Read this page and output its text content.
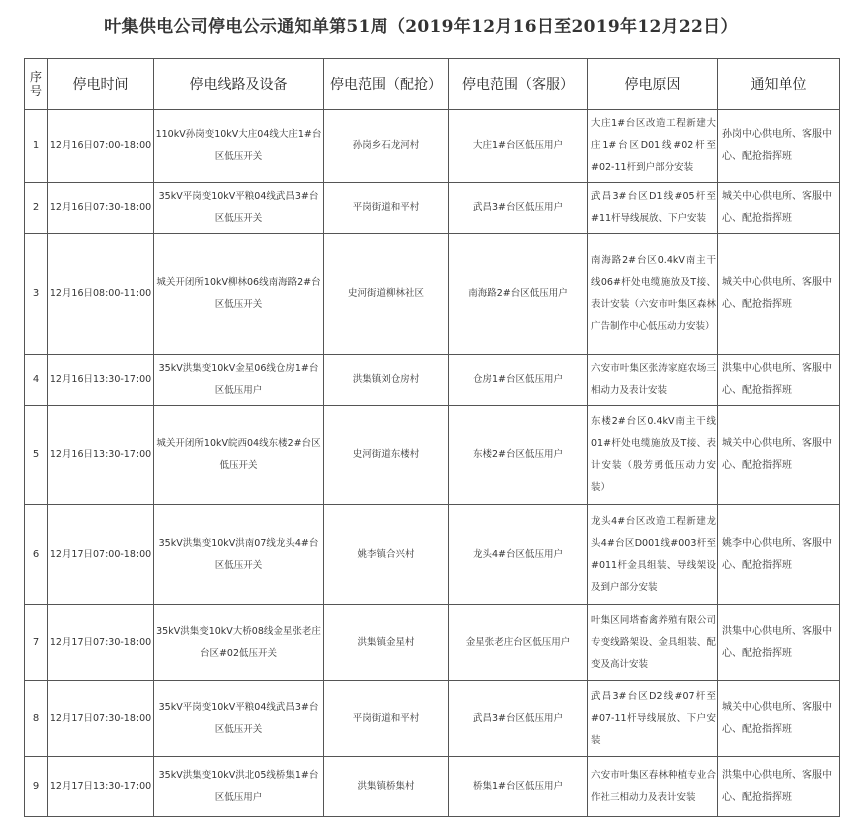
叶集供电公司停电公示通知单第51周（2019年12月16日至2019年12月22日）
序号	停电时间	停电线路及设备	停电范围（配抢）	停电范围（客服）	停电原因	通知单位
1	12月16日07:00-18:00	110kV孙岗变10kV大庄04线大庄1#台区低压开关	孙岗乡石龙河村	大庄1#台区低压用户	大庄1#台区改造工程新建大庄1#台区D01线#02杆至#02-11杆到户部分安装	孙岗中心供电所、客服中心、配抢指挥班
2	12月16日07:30-18:00	35kV平岗变10kV平粮04线武昌3#台区低压开关	平岗街道和平村	武昌3#台区低压用户	武昌3#台区D1线#05杆至#11杆导线展放、下户安装	城关中心供电所、客服中心、配抢指挥班
3	12月16日08:00-11:00	城关开闭所10kV柳林06线南海路2#台区低压开关	史河街道柳林社区	南海路2#台区低压用户	南海路2#台区0.4kV南主干线06#杆处电缆施放及T接、表计安装（六安市叶集区森林广告制作中心低压动力安装）	城关中心供电所、客服中心、配抢指挥班
4	12月16日13:30-17:00	35kV洪集变10kV金星06线仓房1#台区低压用户	洪集镇刘仓房村	仓房1#台区低压用户	六安市叶集区张涛家庭农场三相动力及表计安装	洪集中心供电所、客服中心、配抢指挥班
5	12月16日13:30-17:00	城关开闭所10kV皖西04线东楼2#台区低压开关	史河街道东楼村	东楼2#台区低压用户	东楼2#台区0.4kV南主干线01#杆处电缆施放及T接、表计安装（殷芳勇低压动力安装）	城关中心供电所、客服中心、配抢指挥班
6	12月17日07:00-18:00	35kV洪集变10kV洪南07线龙头4#台区低压开关	姚李镇合兴村	龙头4#台区低压用户	龙头4#台区改造工程新建龙头4#台区D001线#003杆至#011杆金具组装、导线架设及到户部分安装	姚李中心供电所、客服中心、配抢指挥班
7	12月17日07:30-18:00	35kV洪集变10kV大桥08线金星张老庄台区#02低压开关	洪集镇金星村	金星张老庄台区低压用户	叶集区同塔畜禽养殖有限公司专变线路架设、金具组装、配变及高计安装	洪集中心供电所、客服中心、配抢指挥班
8	12月17日07:30-18:00	35kV平岗变10kV平粮04线武昌3#台区低压开关	平岗街道和平村	武昌3#台区低压用户	武昌3#台区D2线#07杆至#07-11杆导线展放、下户安装	城关中心供电所、客服中心、配抢指挥班
9	12月17日13:30-17:00	35kV洪集变10kV洪北05线桥集1#台区低压用户	洪集镇桥集村	桥集1#台区低压用户	六安市叶集区春林种植专业合作社三相动力及表计安装	洪集中心供电所、客服中心、配抢指挥班
